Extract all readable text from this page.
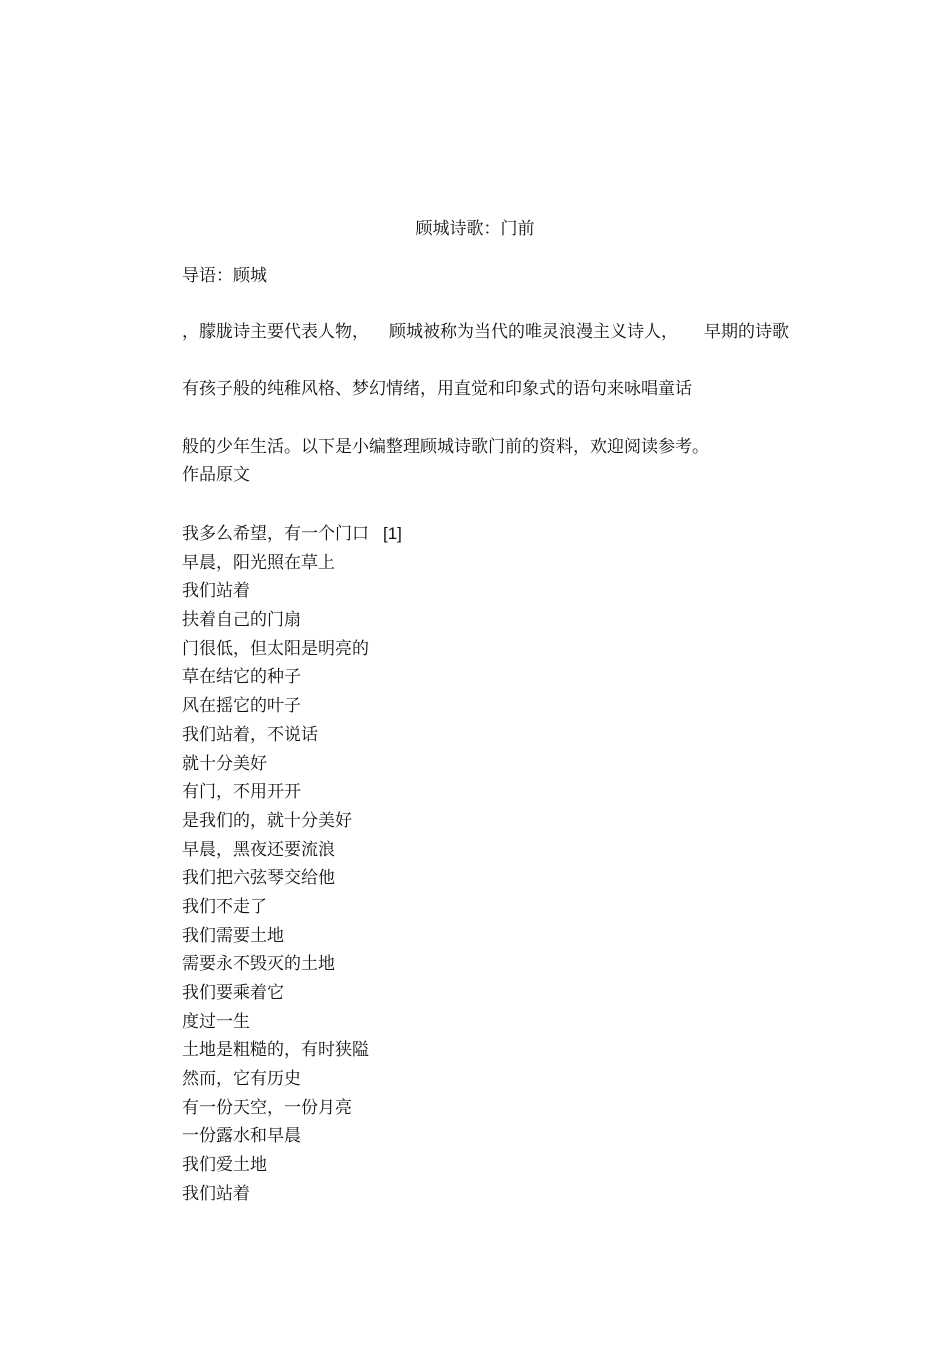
顾城诗歌：门前
导语：顾城
，朦胧诗主要代表人物， 顾城被称为当代的唯灵浪漫主义诗人， 早期的诗歌
有孩子般的纯稚风格、梦幻情绪，用直觉和印象式的语句来咏唱童话
般的少年生活。以下是小编整理顾城诗歌门前的资料，欢迎阅读参考。
作品原文
我多么希望，有一个门口 [1]
早晨，阳光照在草上
我们站着
扶着自己的门扇
门很低，但太阳是明亮的
草在结它的种子
风在摇它的叶子
我们站着，不说话
就十分美好
有门，不用开开
是我们的，就十分美好
早晨，黑夜还要流浪
我们把六弦琴交给他
我们不走了
我们需要土地
需要永不毁灭的土地
我们要乘着它
度过一生
土地是粗糙的，有时狭隘
然而，它有历史
有一份天空，一份月亮
一份露水和早晨
我们爱土地
我们站着
